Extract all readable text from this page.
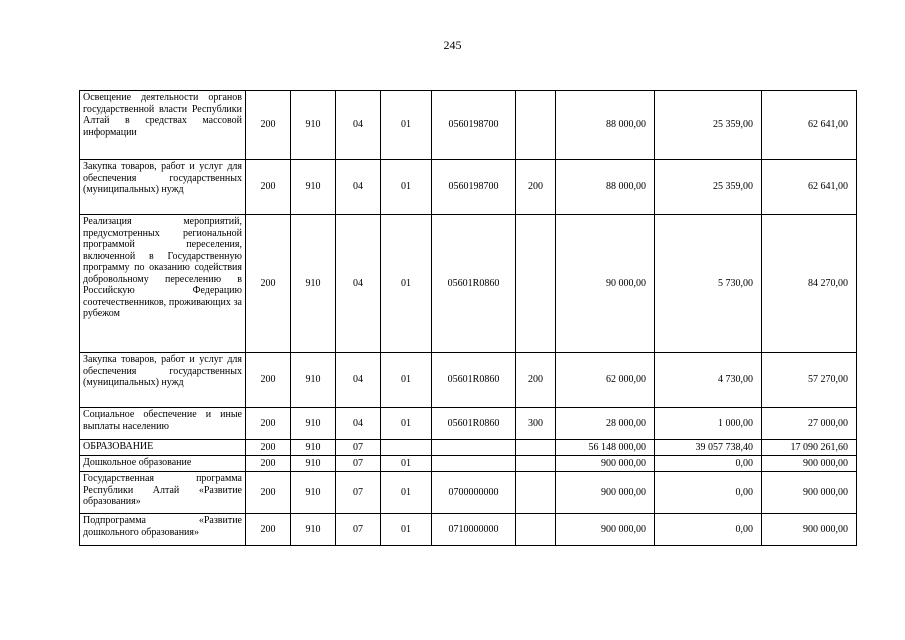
245
Освещение деятельности органов государственной власти Республики Алтай в средствах массовой информации	200	910	04	01	0560198700		88 000,00	25 359,00	62 641,00
Закупка товаров, работ и услуг для обеспечения государственных (муниципальных) нужд	200	910	04	01	0560198700	200	88 000,00	25 359,00	62 641,00
Реализация мероприятий, предусмотренных региональной программой переселения, включенной в Государственную программу по оказанию содействия добровольному переселению в Российскую Федерацию соотечественников, проживающих за рубежом	200	910	04	01	05601R0860		90 000,00	5 730,00	84 270,00
Закупка товаров, работ и услуг для обеспечения государственных (муниципальных) нужд	200	910	04	01	05601R0860	200	62 000,00	4 730,00	57 270,00
Социальное обеспечение и иные выплаты населению	200	910	04	01	05601R0860	300	28 000,00	1 000,00	27 000,00
ОБРАЗОВАНИЕ	200	910	07				56 148 000,00	39 057 738,40	17 090 261,60
Дошкольное образование	200	910	07	01			900 000,00	0,00	900 000,00
Государственная программа Республики Алтай «Развитие образования»	200	910	07	01	0700000000		900 000,00	0,00	900 000,00
Подпрограмма «Развитие дошкольного образования»	200	910	07	01	0710000000		900 000,00	0,00	900 000,00
